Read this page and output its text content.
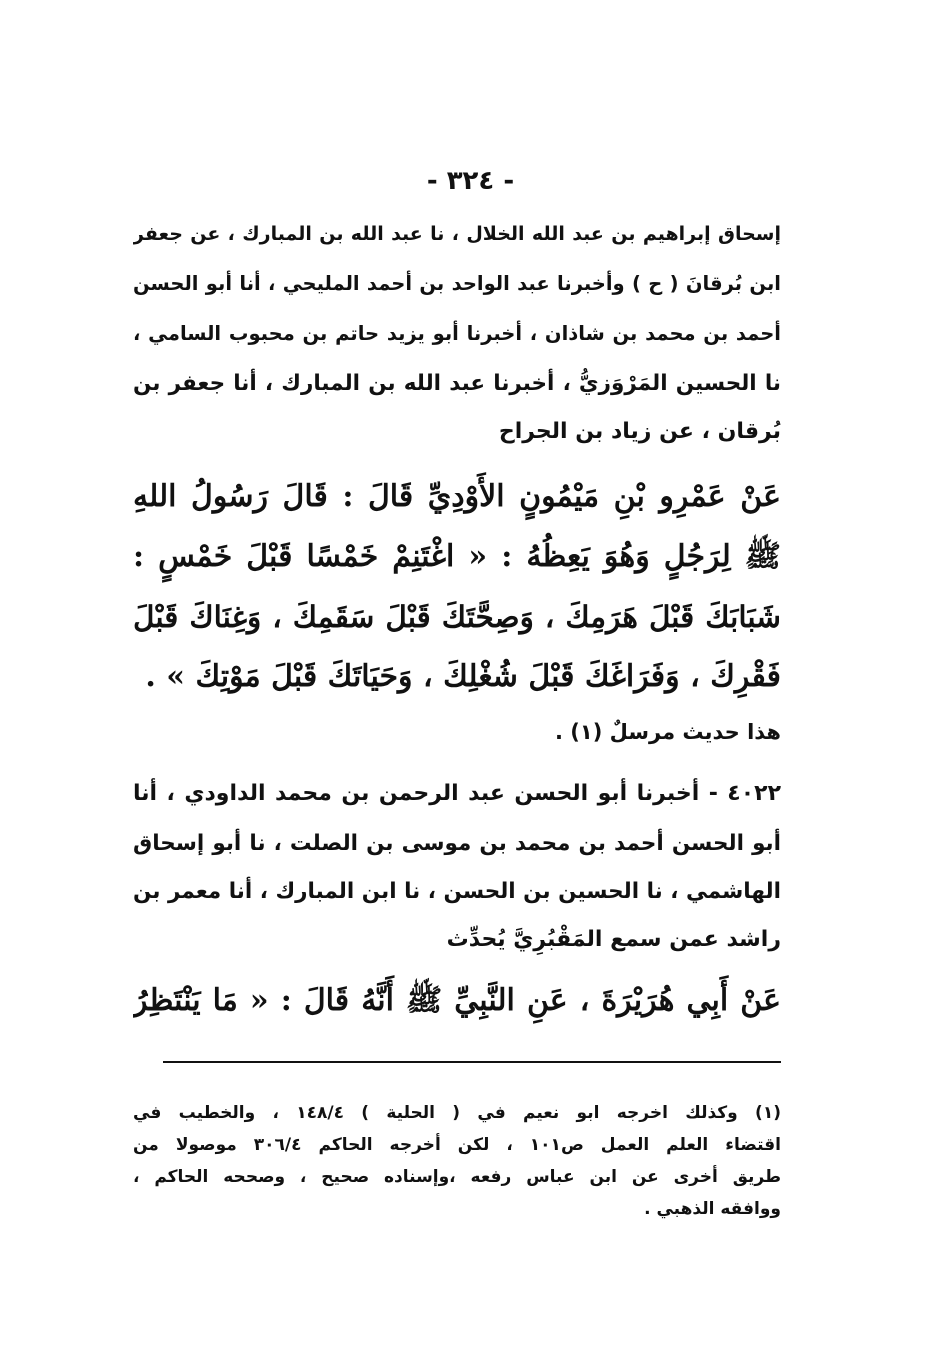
- ٣٢٤ -
إسحاق إبراهيم بن عبد الله الخلال ، نا عبد الله بن المبارك ، عن جعفر
ابن بُرقانَ ( ح ) وأخبرنا عبد الواحد بن أحمد المليحي ، أنا أبو الحسن
أحمد بن محمد بن شاذان ، أخبرنا أبو يزيد حاتم بن محبوب السامي ،
نا الحسين المَرْوَزيُّ ، أخبرنا عبد الله بن المبارك ، أنا جعفر بن
بُرقان ، عن زياد بن الجراح
عَنْ عَمْرِو بْنِ مَيْمُونٍ الأَوْدِيِّ قَالَ : قَالَ رَسُولُ اللهِ
ﷺ لِرَجُلٍ وَهُوَ يَعِظُهُ : « اغْتَنِمْ خَمْسًا قَبْلَ خَمْسٍ :
شَبَابَكَ قَبْلَ هَرَمِكَ ، وَصِحَّتَكَ قَبْلَ سَقَمِكَ ، وَغِنَاكَ قَبْلَ
فَقْرِكَ ، وَفَرَاغَكَ قَبْلَ شُغْلِكَ ، وَحَيَاتَكَ قَبْلَ مَوْتِكَ » .
هذا حديث مرسلٌ (١) .
٤٠٢٢ - أخبرنا أبو الحسن عبد الرحمن بن محمد الداودي ، أنا
أبو الحسن أحمد بن محمد بن موسى بن الصلت ، نا أبو إسحاق
الهاشمي ، نا الحسين بن الحسن ، نا ابن المبارك ، أنا معمر بن
راشد عمن سمع المَقْبُرِيَّ يُحدِّث
عَنْ أَبِي هُرَيْرَةَ ، عَنِ النَّبِيِّ ﷺ أَنَّهُ قَالَ : « مَا يَنْتَظِرُ
(١) وكذلك اخرجه ابو نعيم في ( الحلية ) ١٤٨/٤ ، والخطيب في
اقتضاء العلم العمل ص١٠١ ، لكن أخرجه الحاكم ٣٠٦/٤ موصولا من
طريق أخرى عن ابن عباس رفعه ،وإسناده صحيح ، وصححه الحاكم ،
ووافقه الذهبي .
